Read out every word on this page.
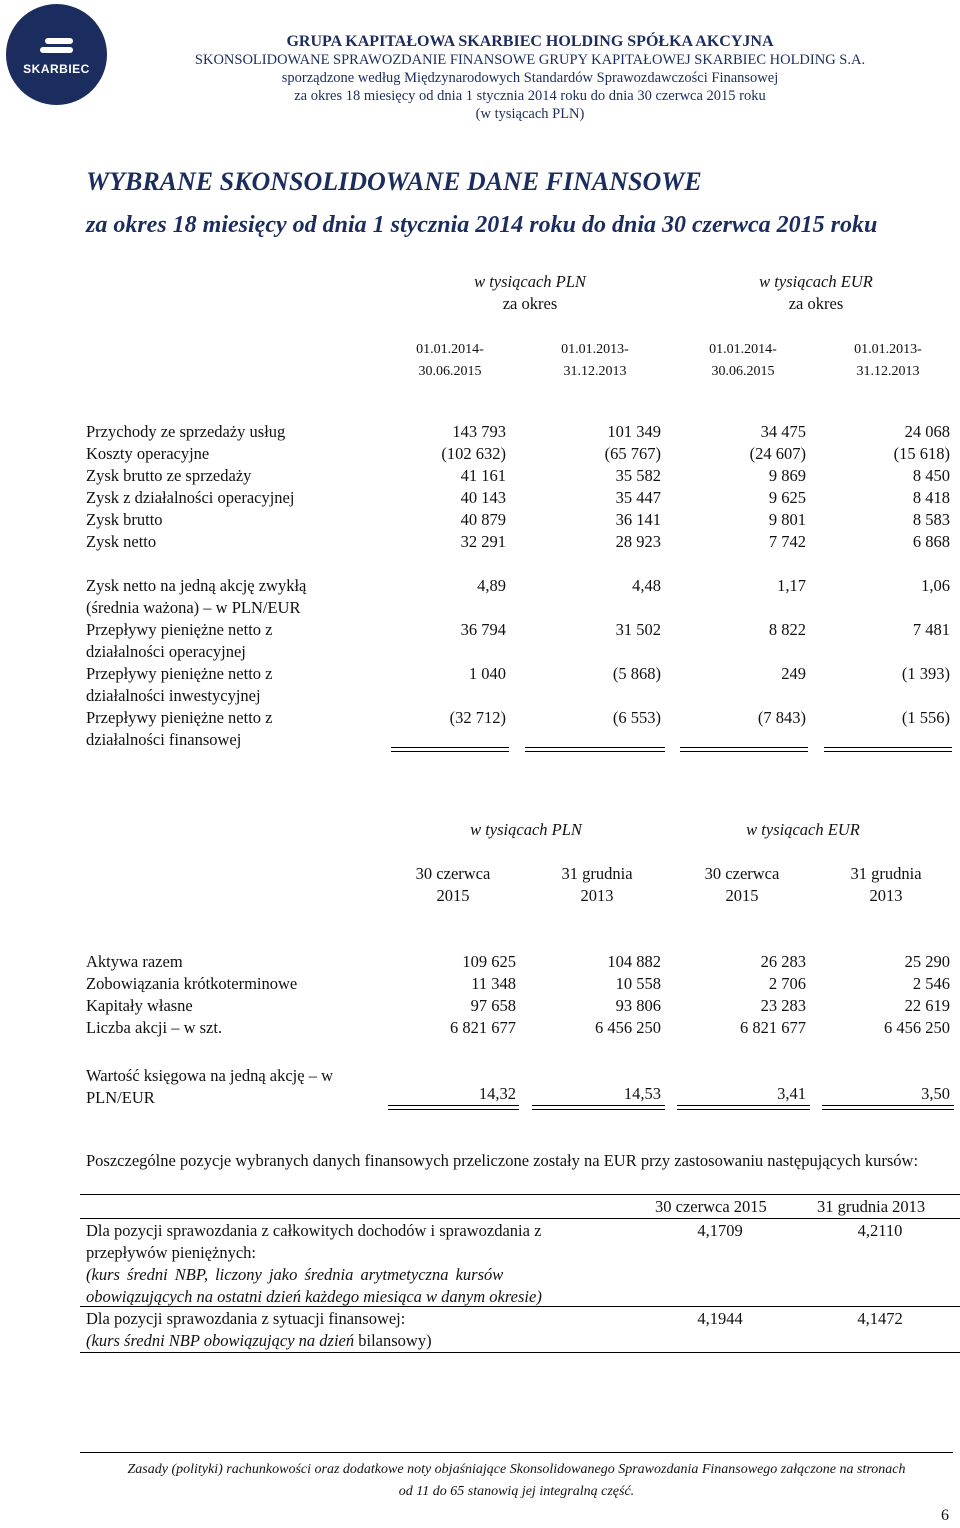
SKARBIEC
GRUPA KAPITAŁOWA SKARBIEC HOLDING SPÓŁKA AKCYJNA
SKONSOLIDOWANE SPRAWOZDANIE FINANSOWE GRUPY KAPITAŁOWEJ SKARBIEC HOLDING S.A.
sporządzone według Międzynarodowych Standardów Sprawozdawczości Finansowej
za okres 18 miesięcy od dnia 1 stycznia 2014 roku do dnia 30 czerwca 2015 roku
(w tysiącach PLN)
WYBRANE SKONSOLIDOWANE DANE FINANSOWE
za okres 18 miesięcy od dnia 1 stycznia 2014 roku do dnia 30 czerwca 2015 roku
w tysiącach PLN
za okres
w tysiącach EUR
za okres
01.01.2014-
30.06.2015
01.01.2013-
31.12.2013
01.01.2014-
30.06.2015
01.01.2013-
31.12.2013
Przychody ze sprzedaży usług	143 793	101 349	34 475	24 068
Koszty operacyjne	(102 632)	(65 767)	(24 607)	(15 618)
Zysk brutto ze sprzedaży	41 161	35 582	9 869	8 450
Zysk z działalności operacyjnej	40 143	35 447	9 625	8 418
Zysk brutto	40 879	36 141	9 801	8 583
Zysk netto	32 291	28 923	7 742	6 868
Zysk netto na jedną akcję zwykłą
(średnia ważona) – w PLN/EUR
4,89	4,48	1,17	1,06
Przepływy pieniężne netto z
działalności operacyjnej
36 794	31 502	8 822	7 481
Przepływy pieniężne netto z
działalności inwestycyjnej
1 040	(5 868)	249	(1 393)
Przepływy pieniężne netto z
działalności finansowej
(32 712)	(6 553)	(7 843)	(1 556)
w tysiącach PLN	w tysiącach EUR
30 czerwca
2015
31 grudnia
2013
30 czerwca
2015
31 grudnia
2013
Aktywa razem	109 625	104 882	26 283	25 290
Zobowiązania krótkoterminowe	11 348	10 558	2 706	2 546
Kapitały własne	97 658	93 806	23 283	22 619
Liczba akcji – w szt.	6 821 677	6 456 250	6 821 677	6 456 250
Wartość księgowa na jedną akcję – w
PLN/EUR	14,32	14,53	3,41	3,50
Poszczególne pozycje wybranych danych finansowych przeliczone zostały na EUR przy zastosowaniu następujących kursów:
30 czerwca 2015	31 grudnia 2013
Dla pozycji sprawozdania z całkowitych dochodów i sprawozdania z
przepływów pieniężnych:
(kurs średni NBP, liczony jako średnia arytmetyczna kursów
obowiązujących na ostatni dzień każdego miesiąca w danym okresie)
4,1709	4,2110
Dla pozycji sprawozdania z sytuacji finansowej:
(kurs średni NBP obowiązujący na dzień bilansowy)
4,1944	4,1472
Zasady (polityki) rachunkowości oraz dodatkowe noty objaśniające Skonsolidowanego Sprawozdania Finansowego załączone na stronach
od 11 do 65 stanowią jej integralną część.
6
